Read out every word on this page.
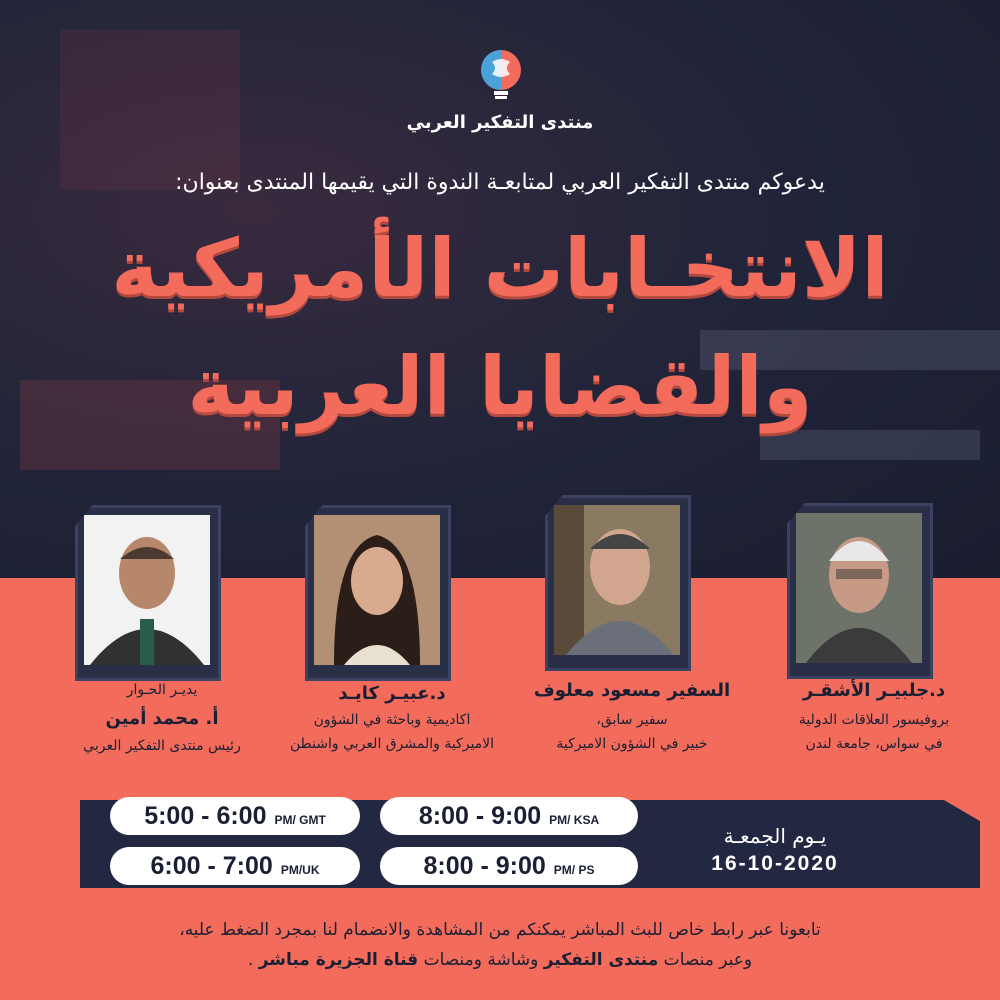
منتدى التفكير العربي
يدعوكم منتدى التفكير العربي لمتابعـة الندوة التي يقيمها المنتدى بعنوان:
الانتخـابات الأمريكية
والقضايا العربية
د.جلبيـر الأشقـر
بروفيسور العلاقات الدولية
في سواس، جامعة لندن
السفير مسعود معلوف
سفير سابق،
خبير في الشؤون الاميركية
د.عبيـر كايـد
اكاديمية وباحثة في الشؤون
الاميركية والمشرق العربي واشنطن
يديـر الحـوار
أ. محمد أمين
رئيس منتدى التفكير العربي
5:00 - 6:00 PM/ GMT	8:00 - 9:00 PM/ KSA
6:00 - 7:00 PM/UK	8:00 - 9:00 PM/ PS
يـوم الجمعـة
16-10-2020
تابعونا عبر رابط خاص للبث المباشر يمكنكم من المشاهدة والانضمام لنا بمجرد الضغط عليه،
وعبر منصات منتدى التفكير وشاشة ومنصات قناة الجزيرة مباشر .
